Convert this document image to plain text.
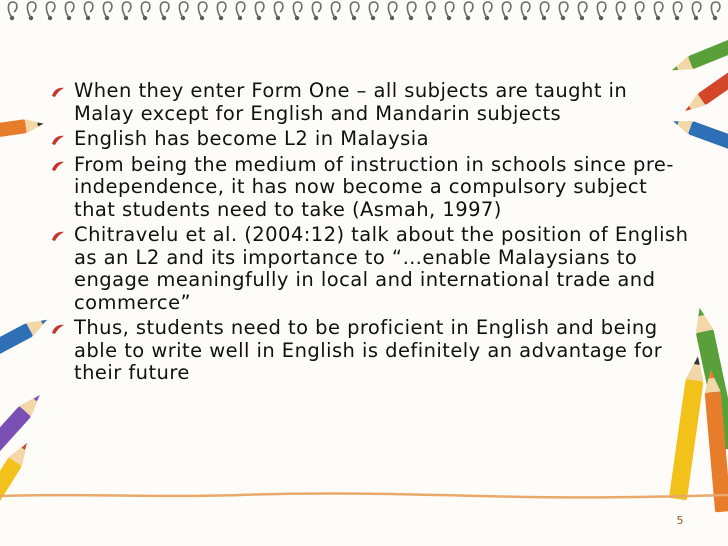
When they enter Form One – all subjects are taught in Malay except for English and Mandarin subjects
English has become L2 in Malaysia
From being the medium of instruction in schools since pre-independence, it has now become a compulsory subject that students need to take (Asmah, 1997)
Chitravelu et al. (2004:12) talk about the position of English as an L2 and its importance to “…enable Malaysians to engage meaningfully in local and international trade and commerce”
Thus, students need to be proficient in English and being able to write well in English is definitely an advantage for their future
5
